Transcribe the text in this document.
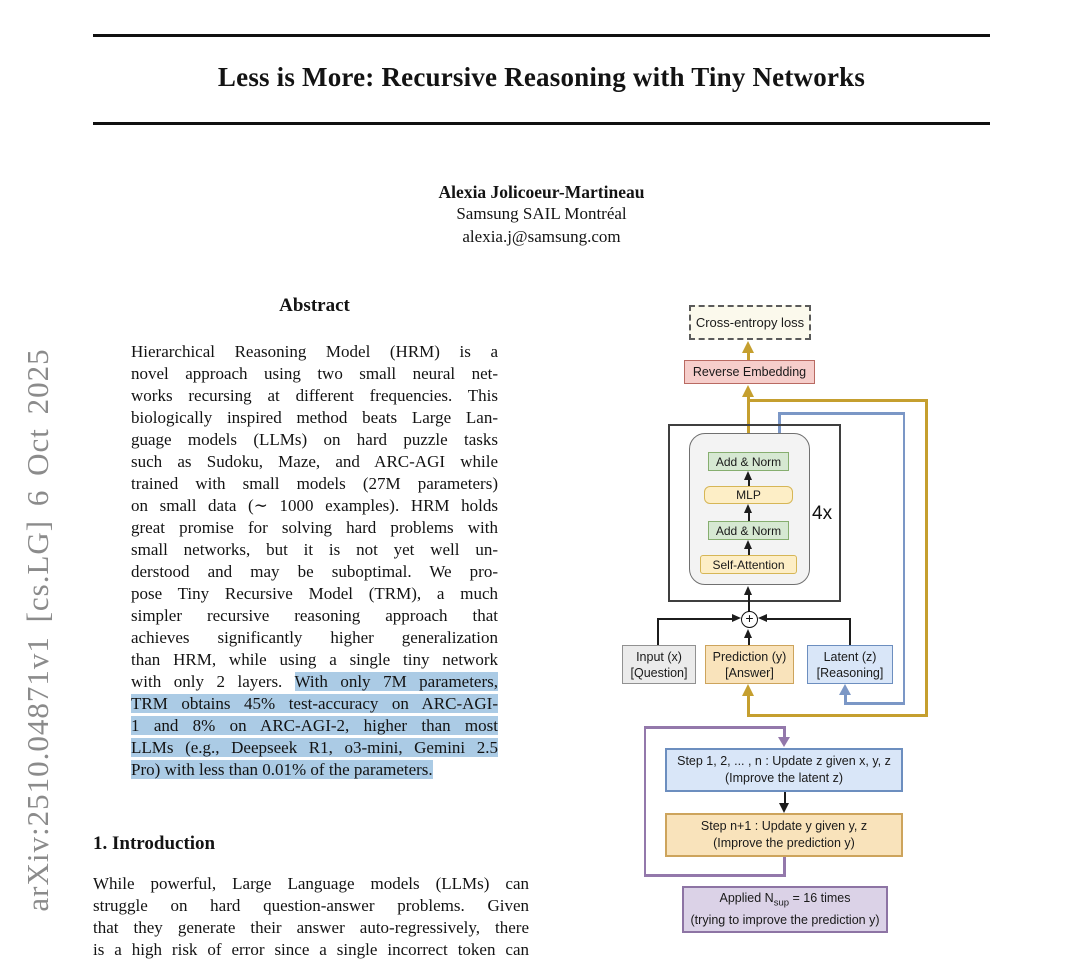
Less is More: Recursive Reasoning with Tiny Networks
Alexia Jolicoeur-Martineau
Samsung SAIL Montréal
alexia.j@samsung.com
arXiv:2510.04871v1 [cs.LG] 6 Oct 2025
Abstract
Hierarchical Reasoning Model (HRM) is a
novel approach using two small neural net-
works recursing at different frequencies. This
biologically inspired method beats Large Lan-
guage models (LLMs) on hard puzzle tasks
such as Sudoku, Maze, and ARC-AGI while
trained with small models (27M parameters)
on small data (∼ 1000 examples). HRM holds
great promise for solving hard problems with
small networks, but it is not yet well un-
derstood and may be suboptimal. We pro-
pose Tiny Recursive Model (TRM), a much
simpler recursive reasoning approach that
achieves significantly higher generalization
than HRM, while using a single tiny network
with only 2 layers. With only 7M parameters,
TRM obtains 45% test-accuracy on ARC-AGI-
1 and 8% on ARC-AGI-2, higher than most
LLMs (e.g., Deepseek R1, o3-mini, Gemini 2.5
Pro) with less than 0.01% of the parameters.
1. Introduction
While powerful, Large Language models (LLMs) can
struggle on hard question-answer problems. Given
that they generate their answer auto-regressively, there
is a high risk of error since a single incorrect token can
Cross-entropy loss
Reverse Embedding
Add & Norm
MLP
Add & Norm
Self-Attention
4x
+
Input (x)
[Question]
Prediction (y)
[Answer]
Latent (z)
[Reasoning]
Step 1, 2, ... , n : Update z given x, y, z
(Improve the latent z)
Step n+1 : Update y given y, z
(Improve the prediction y)
Applied $N_{sup} = 16$ times
(trying to improve the prediction y)
